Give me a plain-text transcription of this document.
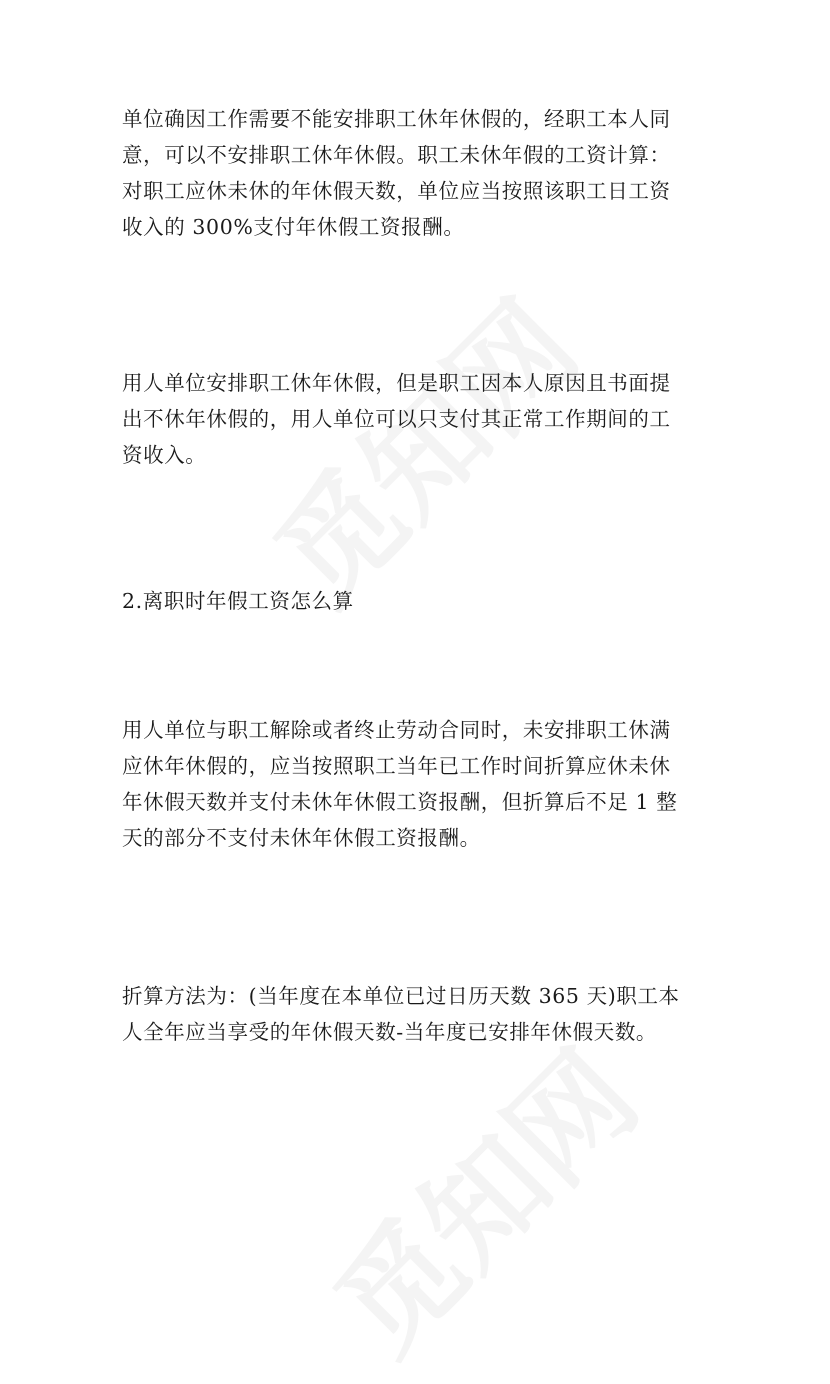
单位确因工作需要不能安排职工休年休假的，经职工本人同
意，可以不安排职工休年休假。职工未休年假的工资计算：
对职工应休未休的年休假天数，单位应当按照该职工日工资
收入的 300%支付年休假工资报酬。
用人单位安排职工休年休假，但是职工因本人原因且书面提
出不休年休假的，用人单位可以只支付其正常工作期间的工
资收入。
2.离职时年假工资怎么算
用人单位与职工解除或者终止劳动合同时，未安排职工休满
应休年休假的，应当按照职工当年已工作时间折算应休未休
年休假天数并支付未休年休假工资报酬，但折算后不足 1 整
天的部分不支付未休年休假工资报酬。
折算方法为：(当年度在本单位已过日历天数 365 天)职工本
人全年应当享受的年休假天数-当年度已安排年休假天数。
